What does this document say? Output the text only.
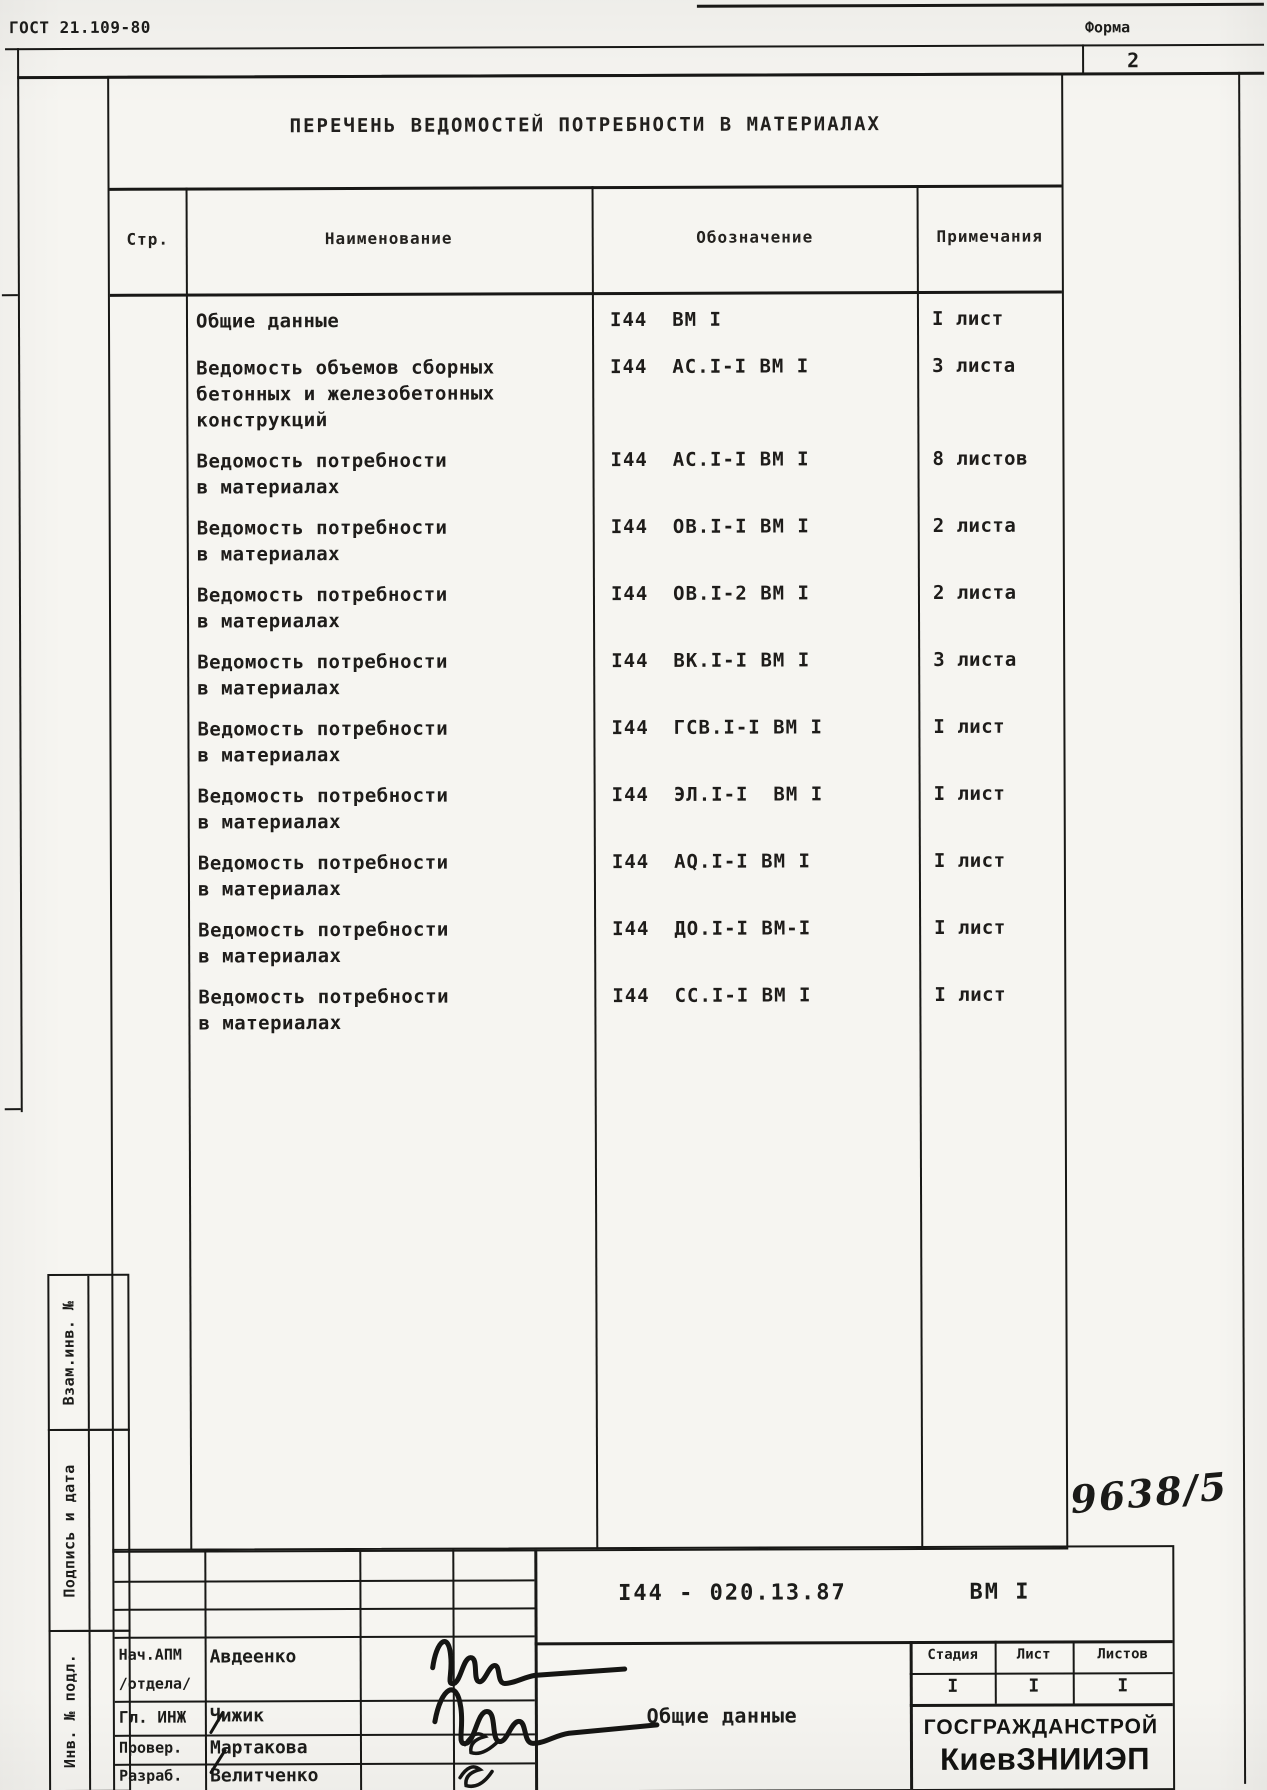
ГОСТ 21.109-80	Форма
2
ПЕРЕЧЕНЬ ВЕДОМОСТЕЙ ПОТРЕБНОСТИ В МАТЕРИАЛАХ
Стр.	Наименование	Обозначение	Примечания
Общие данные	I44  ВМ I	I лист
Ведомость объемов сборных
бетонных и железобетонных
конструкций
I44  АС.I-I ВМ I	3 листа
Ведомость потребности
в материалах
I44  АС.I-I ВМ I	8 листов
Ведомость потребности
в материалах
I44  ОВ.I-I ВМ I	2 листа
Ведомость потребности
в материалах
I44  ОВ.I-2 ВМ I	2 листа
Ведомость потребности
в материалах
I44  ВК.I-I ВМ I	3 листа
Ведомость потребности
в материалах
I44  ГСВ.I-I ВМ I	I лист
Ведомость потребности
в материалах
I44  ЭЛ.I-I  ВМ I	I лист
Ведомость потребности
в материалах
I44  АQ.I-I ВМ I	I лист
Ведомость потребности
в материалах
I44  ДО.I-I ВМ-I	I лист
Ведомость потребности
в материалах
I44  СС.I-I ВМ I	I лист
Взам.инв. №
Подпись и дата
Инв. № подл.
9638/5
Нач.АПМ
/отдела/
Авдеенко
Гл. ИНЖ Чижик
Провер. Мартакова
Разраб. Велитченко
I44 - 020.13.87	ВМ I
Общие данные
Стадия	Лист	Листов
I	I	I
ГОСГРАЖДАНСТРОЙ
КиевЗНИИЭП
